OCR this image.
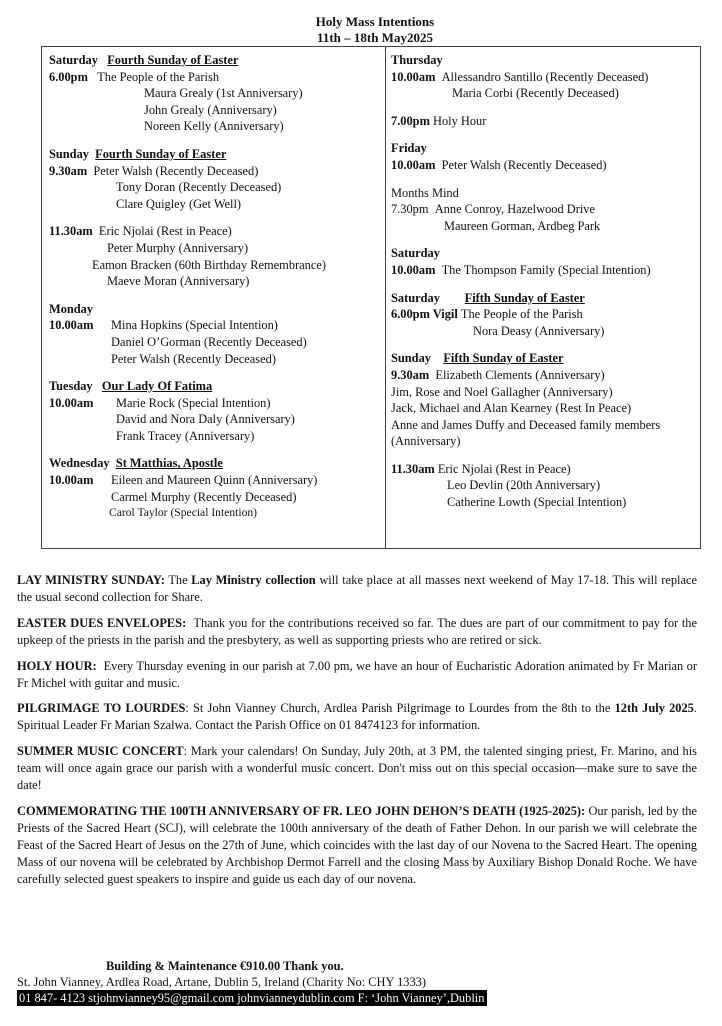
Holy Mass Intentions
11th – 18th May2025
Saturday Fourth Sunday of Easter
6.00pm The People of the Parish
Maura Grealy (1st Anniversary)
John Grealy (Anniversary)
Noreen Kelly (Anniversary)
Sunday Fourth Sunday of Easter
9.30am Peter Walsh (Recently Deceased)
Tony Doran (Recently Deceased)
Clare Quigley (Get Well)
11.30am Eric Njolai (Rest in Peace)
Peter Murphy (Anniversary)
Eamon Bracken (60th Birthday Remembrance)
Maeve Moran (Anniversary)
Monday
10.00am Mina Hopkins (Special Intention)
Daniel O’Gorman (Recently Deceased)
Peter Walsh (Recently Deceased)
Tuesday Our Lady Of Fatima
10.00am Marie Rock (Special Intention)
David and Nora Daly (Anniversary)
Frank Tracey (Anniversary)
Wednesday St Matthias, Apostle
10.00am Eileen and Maureen Quinn (Anniversary)
Carmel Murphy (Recently Deceased)
Carol Taylor (Special Intention)
Thursday
10.00am Allessandro Santillo (Recently Deceased)
Maria Corbi (Recently Deceased)
7.00pm Holy Hour
Friday
10.00am Peter Walsh (Recently Deceased)
Months Mind
7.30pm Anne Conroy, Hazelwood Drive
Maureen Gorman, Ardbeg Park
Saturday
10.00am The Thompson Family (Special Intention)
Saturday Fifth Sunday of Easter
6.00pm Vigil The People of the Parish
Nora Deasy (Anniversary)
Sunday Fifth Sunday of Easter
9.30am Elizabeth Clements (Anniversary)
Jim, Rose and Noel Gallagher (Anniversary)
Jack, Michael and Alan Kearney (Rest In Peace)
Anne and James Duffy and Deceased family members (Anniversary)
11.30am Eric Njolai (Rest in Peace)
Leo Devlin (20th Anniversary)
Catherine Lowth (Special Intention)

LAY MINISTRY SUNDAY: The Lay Ministry collection will take place at all masses next weekend of May 17-18. This will replace the usual second collection for Share.

EASTER DUES ENVELOPES: Thank you for the contributions received so far. The dues are part of our commitment to pay for the upkeep of the priests in the parish and the presbytery, as well as supporting priests who are retired or sick.

HOLY HOUR: Every Thursday evening in our parish at 7.00 pm, we have an hour of Eucharistic Adoration animated by Fr Marian or Fr Michel with guitar and music.

PILGRIMAGE TO LOURDES: St John Vianney Church, Ardlea Parish Pilgrimage to Lourdes from the 8th to the 12th July 2025. Spiritual Leader Fr Marian Szalwa. Contact the Parish Office on 01 8474123 for information.

SUMMER MUSIC CONCERT: Mark your calendars! On Sunday, July 20th, at 3 PM, the talented singing priest, Fr. Marino, and his team will once again grace our parish with a wonderful music concert. Don't miss out on this special occasion—make sure to save the date!

COMMEMORATING THE 100TH ANNIVERSARY OF FR. LEO JOHN DEHON’S DEATH (1925-2025): Our parish, led by the Priests of the Sacred Heart (SCJ), will celebrate the 100th anniversary of the death of Father Dehon. In our parish we will celebrate the Feast of the Sacred Heart of Jesus on the 27th of June, which coincides with the last day of our Novena to the Sacred Heart. The opening Mass of our novena will be celebrated by Archbishop Dermot Farrell and the closing Mass by Auxiliary Bishop Donald Roche. We have carefully selected guest speakers to inspire and guide us each day of our novena.

Building & Maintenance €910.00 Thank you.
St. John Vianney, Ardlea Road, Artane, Dublin 5, Ireland (Charity No: CHY 1333)
01 847- 4123 stjohnvianney95@gmail.com johnvianneydublin.com F: ‘John Vianney’,Dublin
